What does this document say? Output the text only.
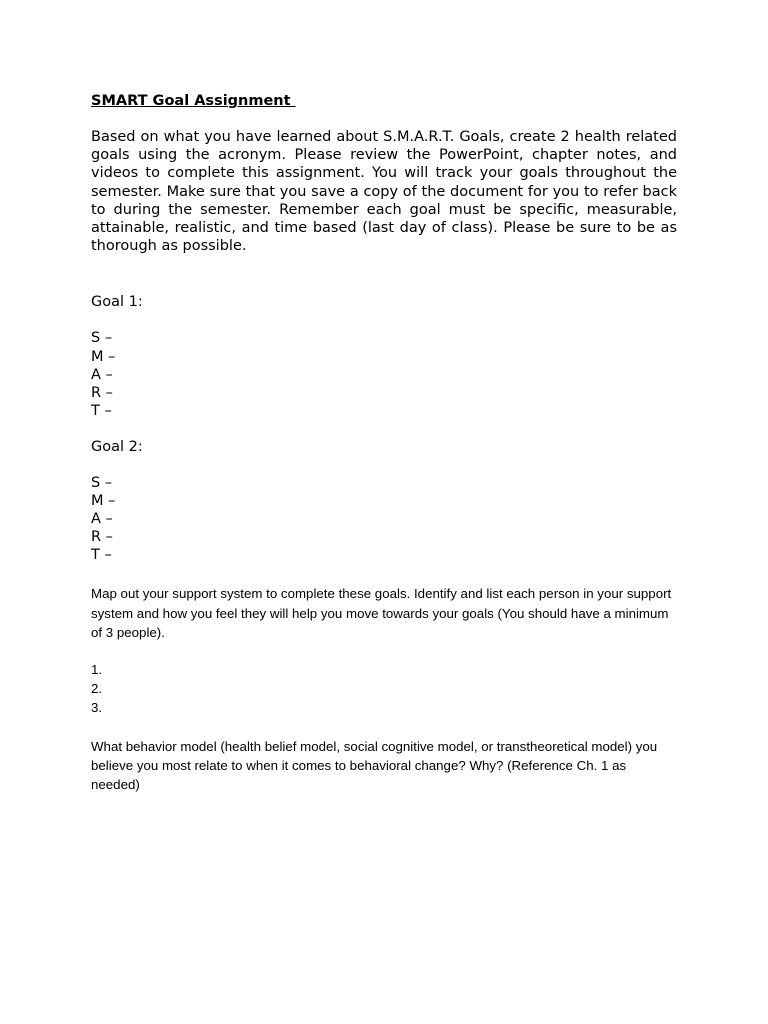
SMART Goal Assignment

Based on what you have learned about S.M.A.R.T. Goals, create 2 health related goals using the acronym. Please review the PowerPoint, chapter notes, and videos to complete this assignment. You will track your goals throughout the semester. Make sure that you save a copy of the document for you to refer back to during the semester. Remember each goal must be specific, measurable, attainable, realistic, and time based (last day of class). Please be sure to be as thorough as possible.

Goal 1:

S –
M –
A –
R –
T –

Goal 2:

S –
M –
A –
R –
T –

Map out your support system to complete these goals. Identify and list each person in your support system and how you feel they will help you move towards your goals (You should have a minimum of 3 people).

1.
2.
3.

What behavior model (health belief model, social cognitive model, or transtheoretical model) you believe you most relate to when it comes to behavioral change? Why? (Reference Ch. 1 as needed)
